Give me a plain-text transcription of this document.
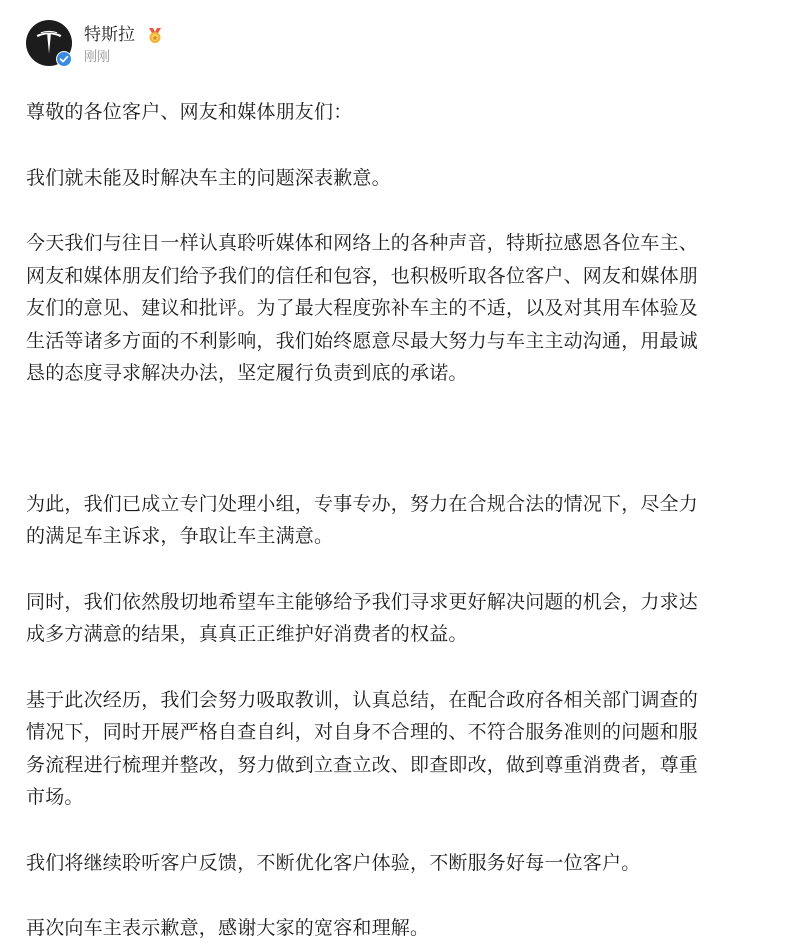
特斯拉
刚刚

尊敬的各位客户、网友和媒体朋友们：

我们就未能及时解决车主的问题深表歉意。

今天我们与往日一样认真聆听媒体和网络上的各种声音，特斯拉感恩各位车主、

网友和媒体朋友们给予我们的信任和包容，也积极听取各位客户、网友和媒体朋

友们的意见、建议和批评。为了最大程度弥补车主的不适，以及对其用车体验及

生活等诸多方面的不利影响，我们始终愿意尽最大努力与车主主动沟通，用最诚

恳的态度寻求解决办法，坚定履行负责到底的承诺。

为此，我们已成立专门处理小组，专事专办，努力在合规合法的情况下，尽全力

的满足车主诉求，争取让车主满意。

同时，我们依然殷切地希望车主能够给予我们寻求更好解决问题的机会，力求达

成多方满意的结果，真真正正维护好消费者的权益。

基于此次经历，我们会努力吸取教训，认真总结，在配合政府各相关部门调查的

情况下，同时开展严格自查自纠，对自身不合理的、不符合服务准则的问题和服

务流程进行梳理并整改，努力做到立查立改、即查即改，做到尊重消费者，尊重

市场。

我们将继续聆听客户反馈，不断优化客户体验，不断服务好每一位客户。

再次向车主表示歉意，感谢大家的宽容和理解。
